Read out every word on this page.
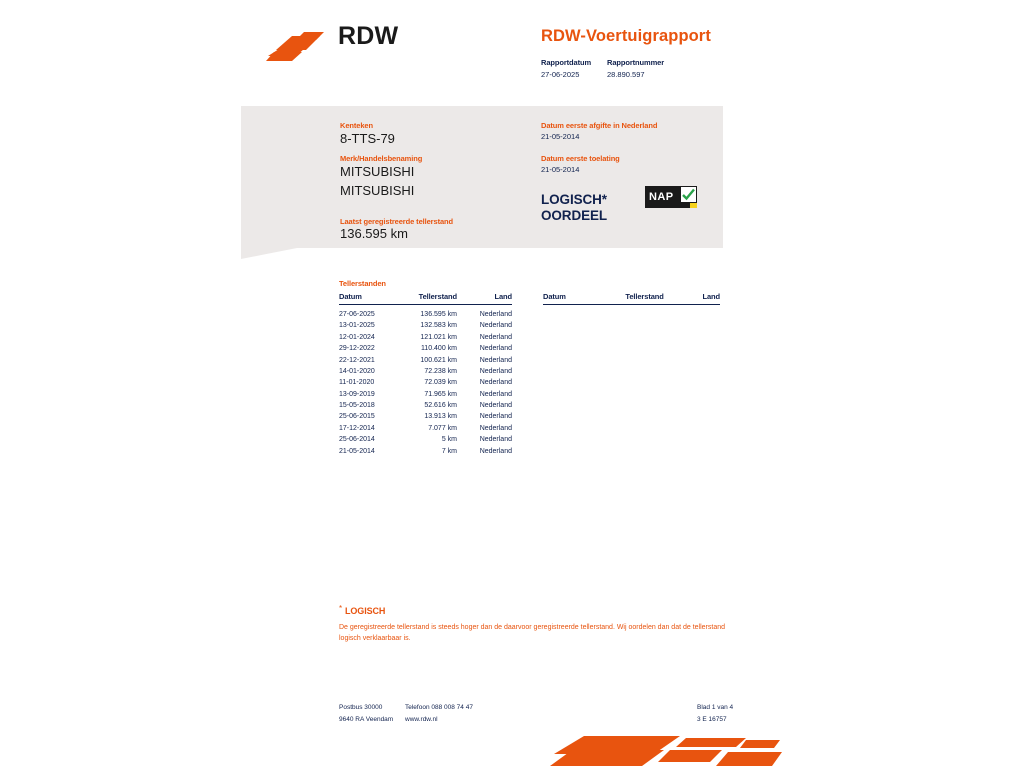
RDW	RDW-Voertuigrapport
Rapportdatum
27-06-2025
Rapportnummer
28.890.597
Kenteken
8-TTS-79
Merk/Handelsbenaming
MITSUBISHI
MITSUBISHI
Laatst geregistreerde tellerstand
136.595 km
Datum eerste afgifte in Nederland
21-05-2014
Datum eerste toelating
21-05-2014
LOGISCH*
OORDEEL
NAP
Tellerstanden
Datum	Tellerstand	Land
27-06-2025	136.595 km	Nederland
13-01-2025	132.583 km	Nederland
12-01-2024	121.021 km	Nederland
29-12-2022	110.400 km	Nederland
22-12-2021	100.621 km	Nederland
14-01-2020	72.238 km	Nederland
11-01-2020	72.039 km	Nederland
13-09-2019	71.965 km	Nederland
15-05-2018	52.616 km	Nederland
25-06-2015	13.913 km	Nederland
17-12-2014	7.077 km	Nederland
25-06-2014	5 km	Nederland
21-05-2014	7 km	Nederland
Datum	Tellerstand	Land
* LOGISCH
De geregistreerde tellerstand is steeds hoger dan de daarvoor geregistreerde tellerstand. Wij oordelen dan dat de tellerstand logisch verklaarbaar is.
Postbus 30000
9640 RA Veendam
Telefoon 088 008 74 47
www.rdw.nl
Blad 1 van 4
3 E 16757
